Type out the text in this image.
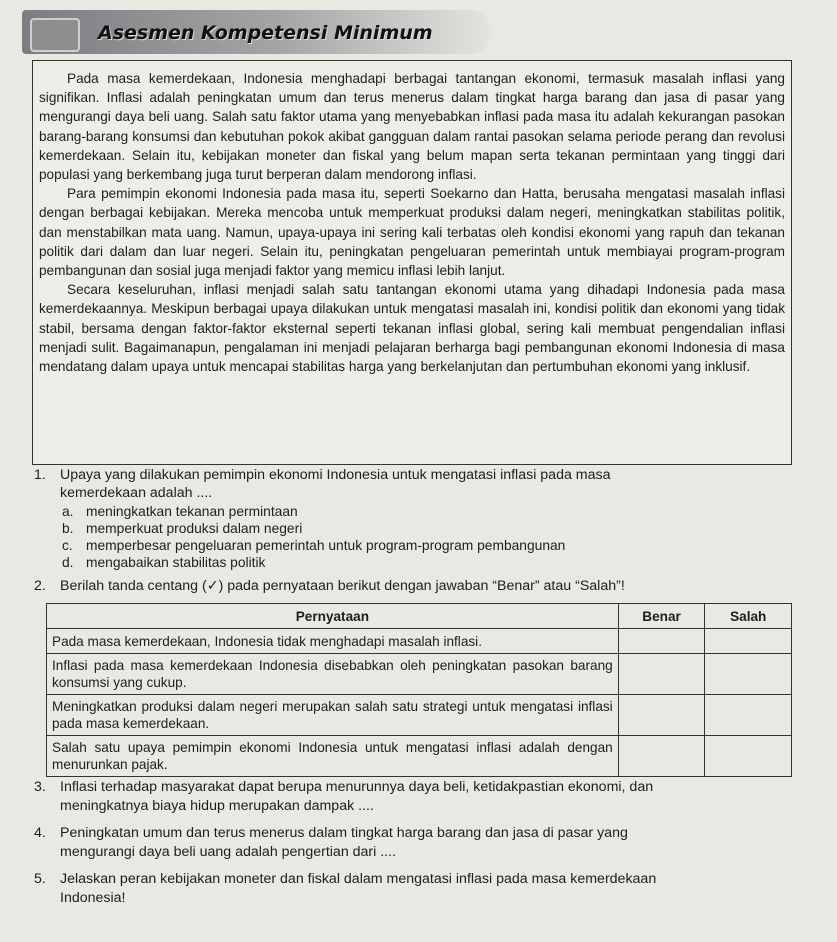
Asesmen Kompetensi Minimum

Pada masa kemerdekaan, Indonesia menghadapi berbagai tantangan ekonomi, termasuk masalah inflasi yang signifikan. Inflasi adalah peningkatan umum dan terus menerus dalam tingkat harga barang dan jasa di pasar yang mengurangi daya beli uang. Salah satu faktor utama yang menyebabkan inflasi pada masa itu adalah kekurangan pasokan barang-barang konsumsi dan kebutuhan pokok akibat gangguan dalam rantai pasokan selama periode perang dan revolusi kemerdekaan. Selain itu, kebijakan moneter dan fiskal yang belum mapan serta tekanan permintaan yang tinggi dari populasi yang berkembang juga turut berperan dalam mendorong inflasi.

Para pemimpin ekonomi Indonesia pada masa itu, seperti Soekarno dan Hatta, berusaha mengatasi masalah inflasi dengan berbagai kebijakan. Mereka mencoba untuk memperkuat produksi dalam negeri, meningkatkan stabilitas politik, dan menstabilkan mata uang. Namun, upaya-upaya ini sering kali terbatas oleh kondisi ekonomi yang rapuh dan tekanan politik dari dalam dan luar negeri. Selain itu, peningkatan pengeluaran pemerintah untuk membiayai program-program pembangunan dan sosial juga menjadi faktor yang memicu inflasi lebih lanjut.

Secara keseluruhan, inflasi menjadi salah satu tantangan ekonomi utama yang dihadapi Indonesia pada masa kemerdekaannya. Meskipun berbagai upaya dilakukan untuk mengatasi masalah ini, kondisi politik dan ekonomi yang tidak stabil, bersama dengan faktor-faktor eksternal seperti tekanan inflasi global, sering kali membuat pengendalian inflasi menjadi sulit. Bagaimanapun, pengalaman ini menjadi pelajaran berharga bagi pembangunan ekonomi Indonesia di masa mendatang dalam upaya untuk mencapai stabilitas harga yang berkelanjutan dan pertumbuhan ekonomi yang inklusif.

1. Upaya yang dilakukan pemimpin ekonomi Indonesia untuk mengatasi inflasi pada masa
kemerdekaan adalah ....
a. meningkatkan tekanan permintaan
b. memperkuat produksi dalam negeri
c. memperbesar pengeluaran pemerintah untuk program-program pembangunan
d. mengabaikan stabilitas politik
2. Berilah tanda centang (✓) pada pernyataan berikut dengan jawaban “Benar” atau “Salah”!
Pernyataan	Benar	Salah
Pada masa kemerdekaan, Indonesia tidak menghadapi masalah inflasi.		
Inflasi pada masa kemerdekaan Indonesia disebabkan oleh peningkatan pasokan barang konsumsi yang cukup.		
Meningkatkan produksi dalam negeri merupakan salah satu strategi untuk mengatasi inflasi pada masa kemerdekaan.		
Salah satu upaya pemimpin ekonomi Indonesia untuk mengatasi inflasi adalah dengan menurunkan pajak.		
3. Inflasi terhadap masyarakat dapat berupa menurunnya daya beli, ketidakpastian ekonomi, dan
meningkatnya biaya hidup merupakan dampak ....
4. Peningkatan umum dan terus menerus dalam tingkat harga barang dan jasa di pasar yang
mengurangi daya beli uang adalah pengertian dari ....
5. Jelaskan peran kebijakan moneter dan fiskal dalam mengatasi inflasi pada masa kemerdekaan
Indonesia!
